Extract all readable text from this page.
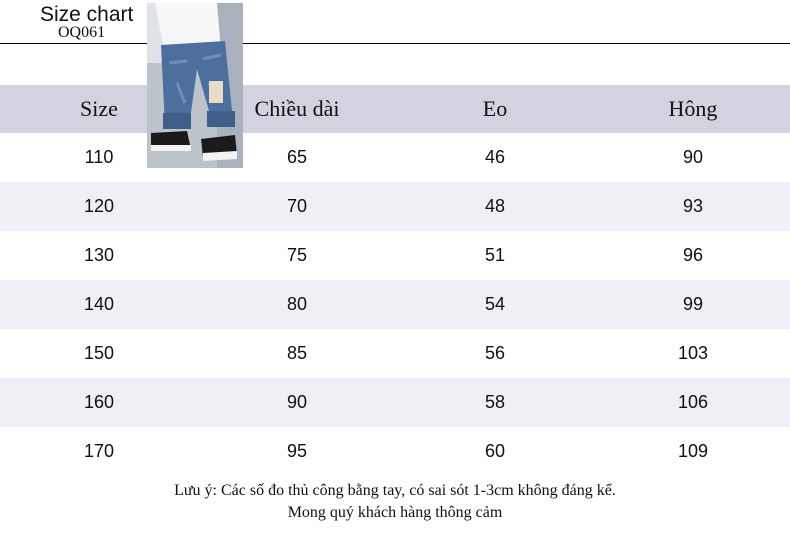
Size chart
OQ061
Size	Chiều dài	Eo	Hông
110	65	46	90
120	70	48	93
130	75	51	96
140	80	54	99
150	85	56	103
160	90	58	106
170	95	60	109
Lưu ý: Các số đo thủ công bằng tay, có sai sót 1-3cm không đáng kể.
Mong quý khách hàng thông cảm
